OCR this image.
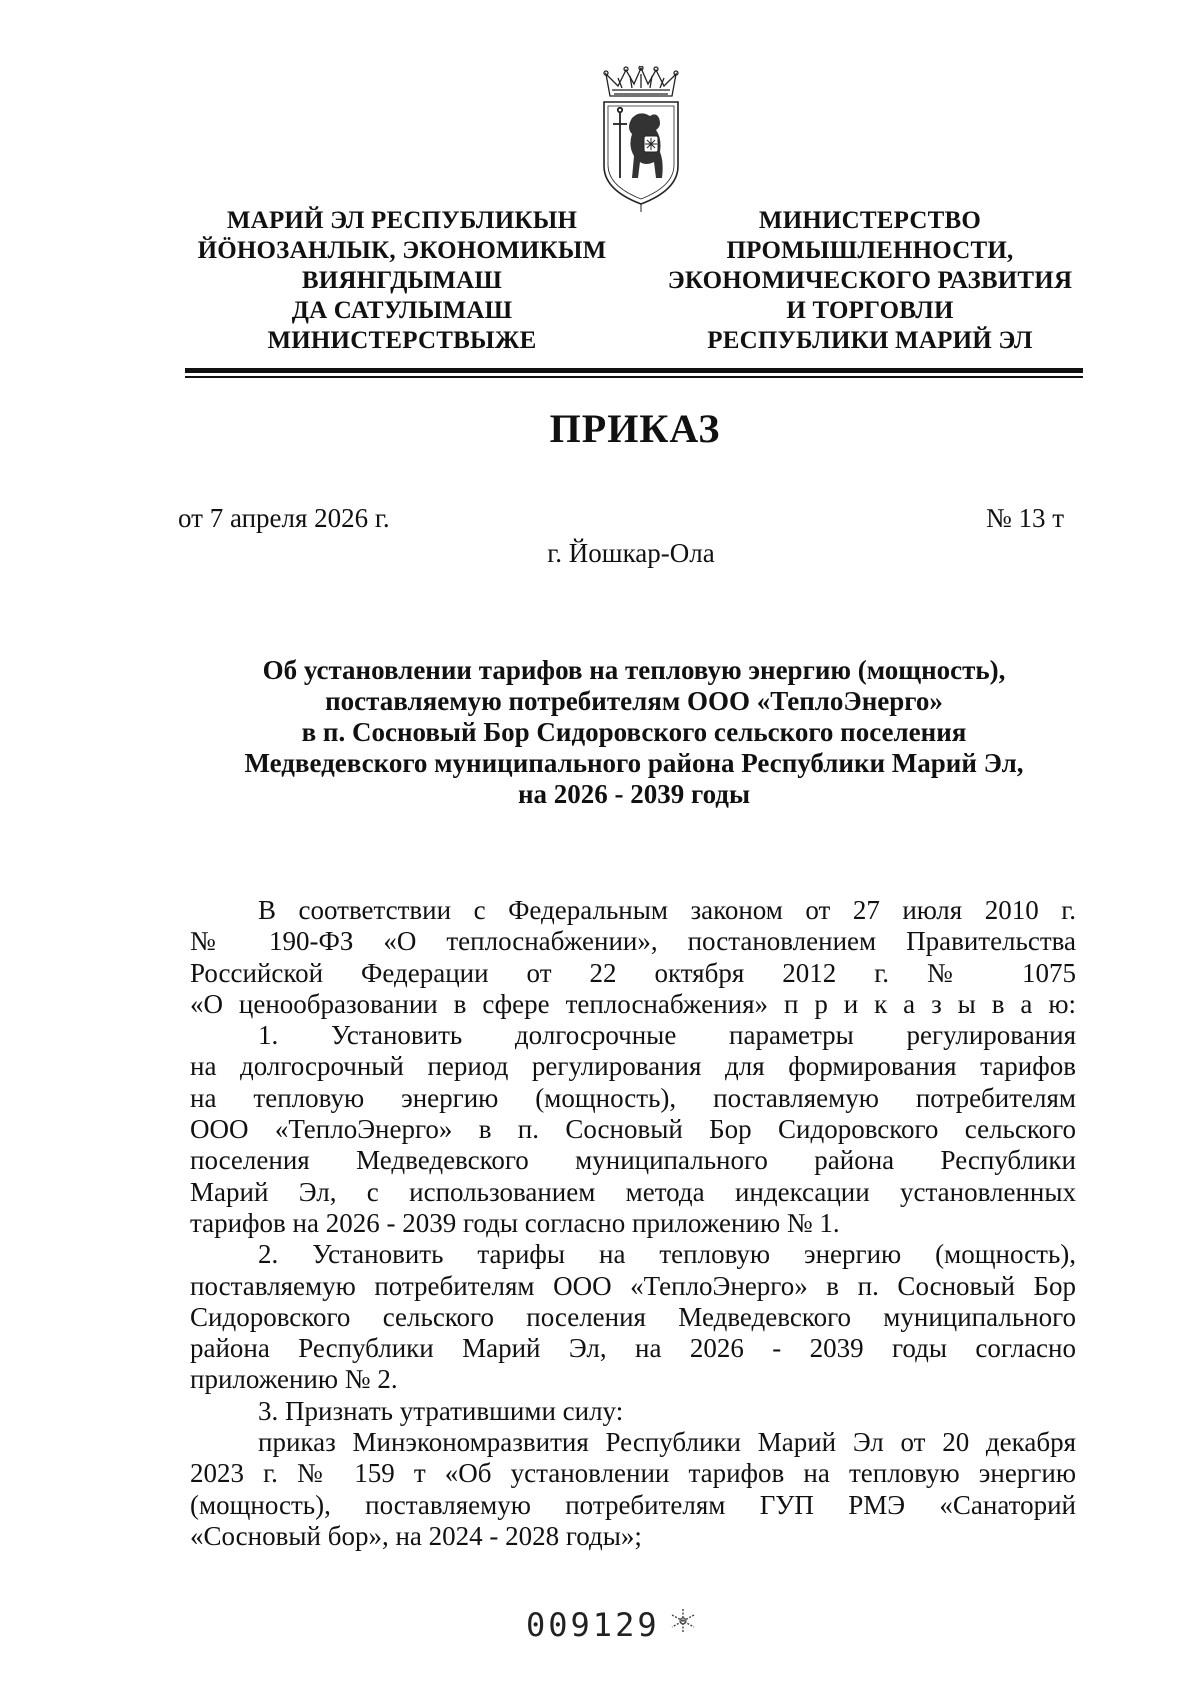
МАРИЙ ЭЛ РЕСПУБЛИКЫН
ЙӦНОЗАНЛЫК, ЭКОНОМИКЫМ
ВИЯНГДЫМАШ
ДА САТУЛЫМАШ
МИНИСТЕРСТВЫЖЕ
МИНИСТЕРСТВО
ПРОМЫШЛЕННОСТИ,
ЭКОНОМИЧЕСКОГО РАЗВИТИЯ
И ТОРГОВЛИ
РЕСПУБЛИКИ МАРИЙ ЭЛ
ПРИКАЗ
от 7 апреля 2026 г.	№ 13 т
г. Йошкар-Ола
Об установлении тарифов на тепловую энергию (мощность),
поставляемую потребителям ООО «ТеплоЭнерго»
в п. Сосновый Бор Сидоровского сельского поселения
Медведевского муниципального района Республики Марий Эл,
на 2026 - 2039 годы
В соответствии с Федеральным законом от 27 июля 2010 г.
№ 190-ФЗ «О теплоснабжении», постановлением Правительства
Российской Федерации от 22 октября 2012 г. № 1075
«О ценообразовании в сфере теплоснабжения» п р и к а з ы в а ю:
1. Установить долгосрочные параметры регулирования
на долгосрочный период регулирования для формирования тарифов
на тепловую энергию (мощность), поставляемую потребителям
ООО «ТеплоЭнерго» в п. Сосновый Бор Сидоровского сельского
поселения Медведевского муниципального района Республики
Марий Эл, с использованием метода индексации установленных
тарифов на 2026 - 2039 годы согласно приложению № 1.
2. Установить тарифы на тепловую энергию (мощность),
поставляемую потребителям ООО «ТеплоЭнерго» в п. Сосновый Бор
Сидоровского сельского поселения Медведевского муниципального
района Республики Марий Эл, на 2026 - 2039 годы согласно
приложению № 2.
3. Признать утратившими силу:
приказ Минэкономразвития Республики Марий Эл от 20 декабря
2023 г. № 159 т «Об установлении тарифов на тепловую энергию
(мощность), поставляемую потребителям ГУП РМЭ «Санаторий
«Сосновый бор», на 2024 - 2028 годы»;
009129
